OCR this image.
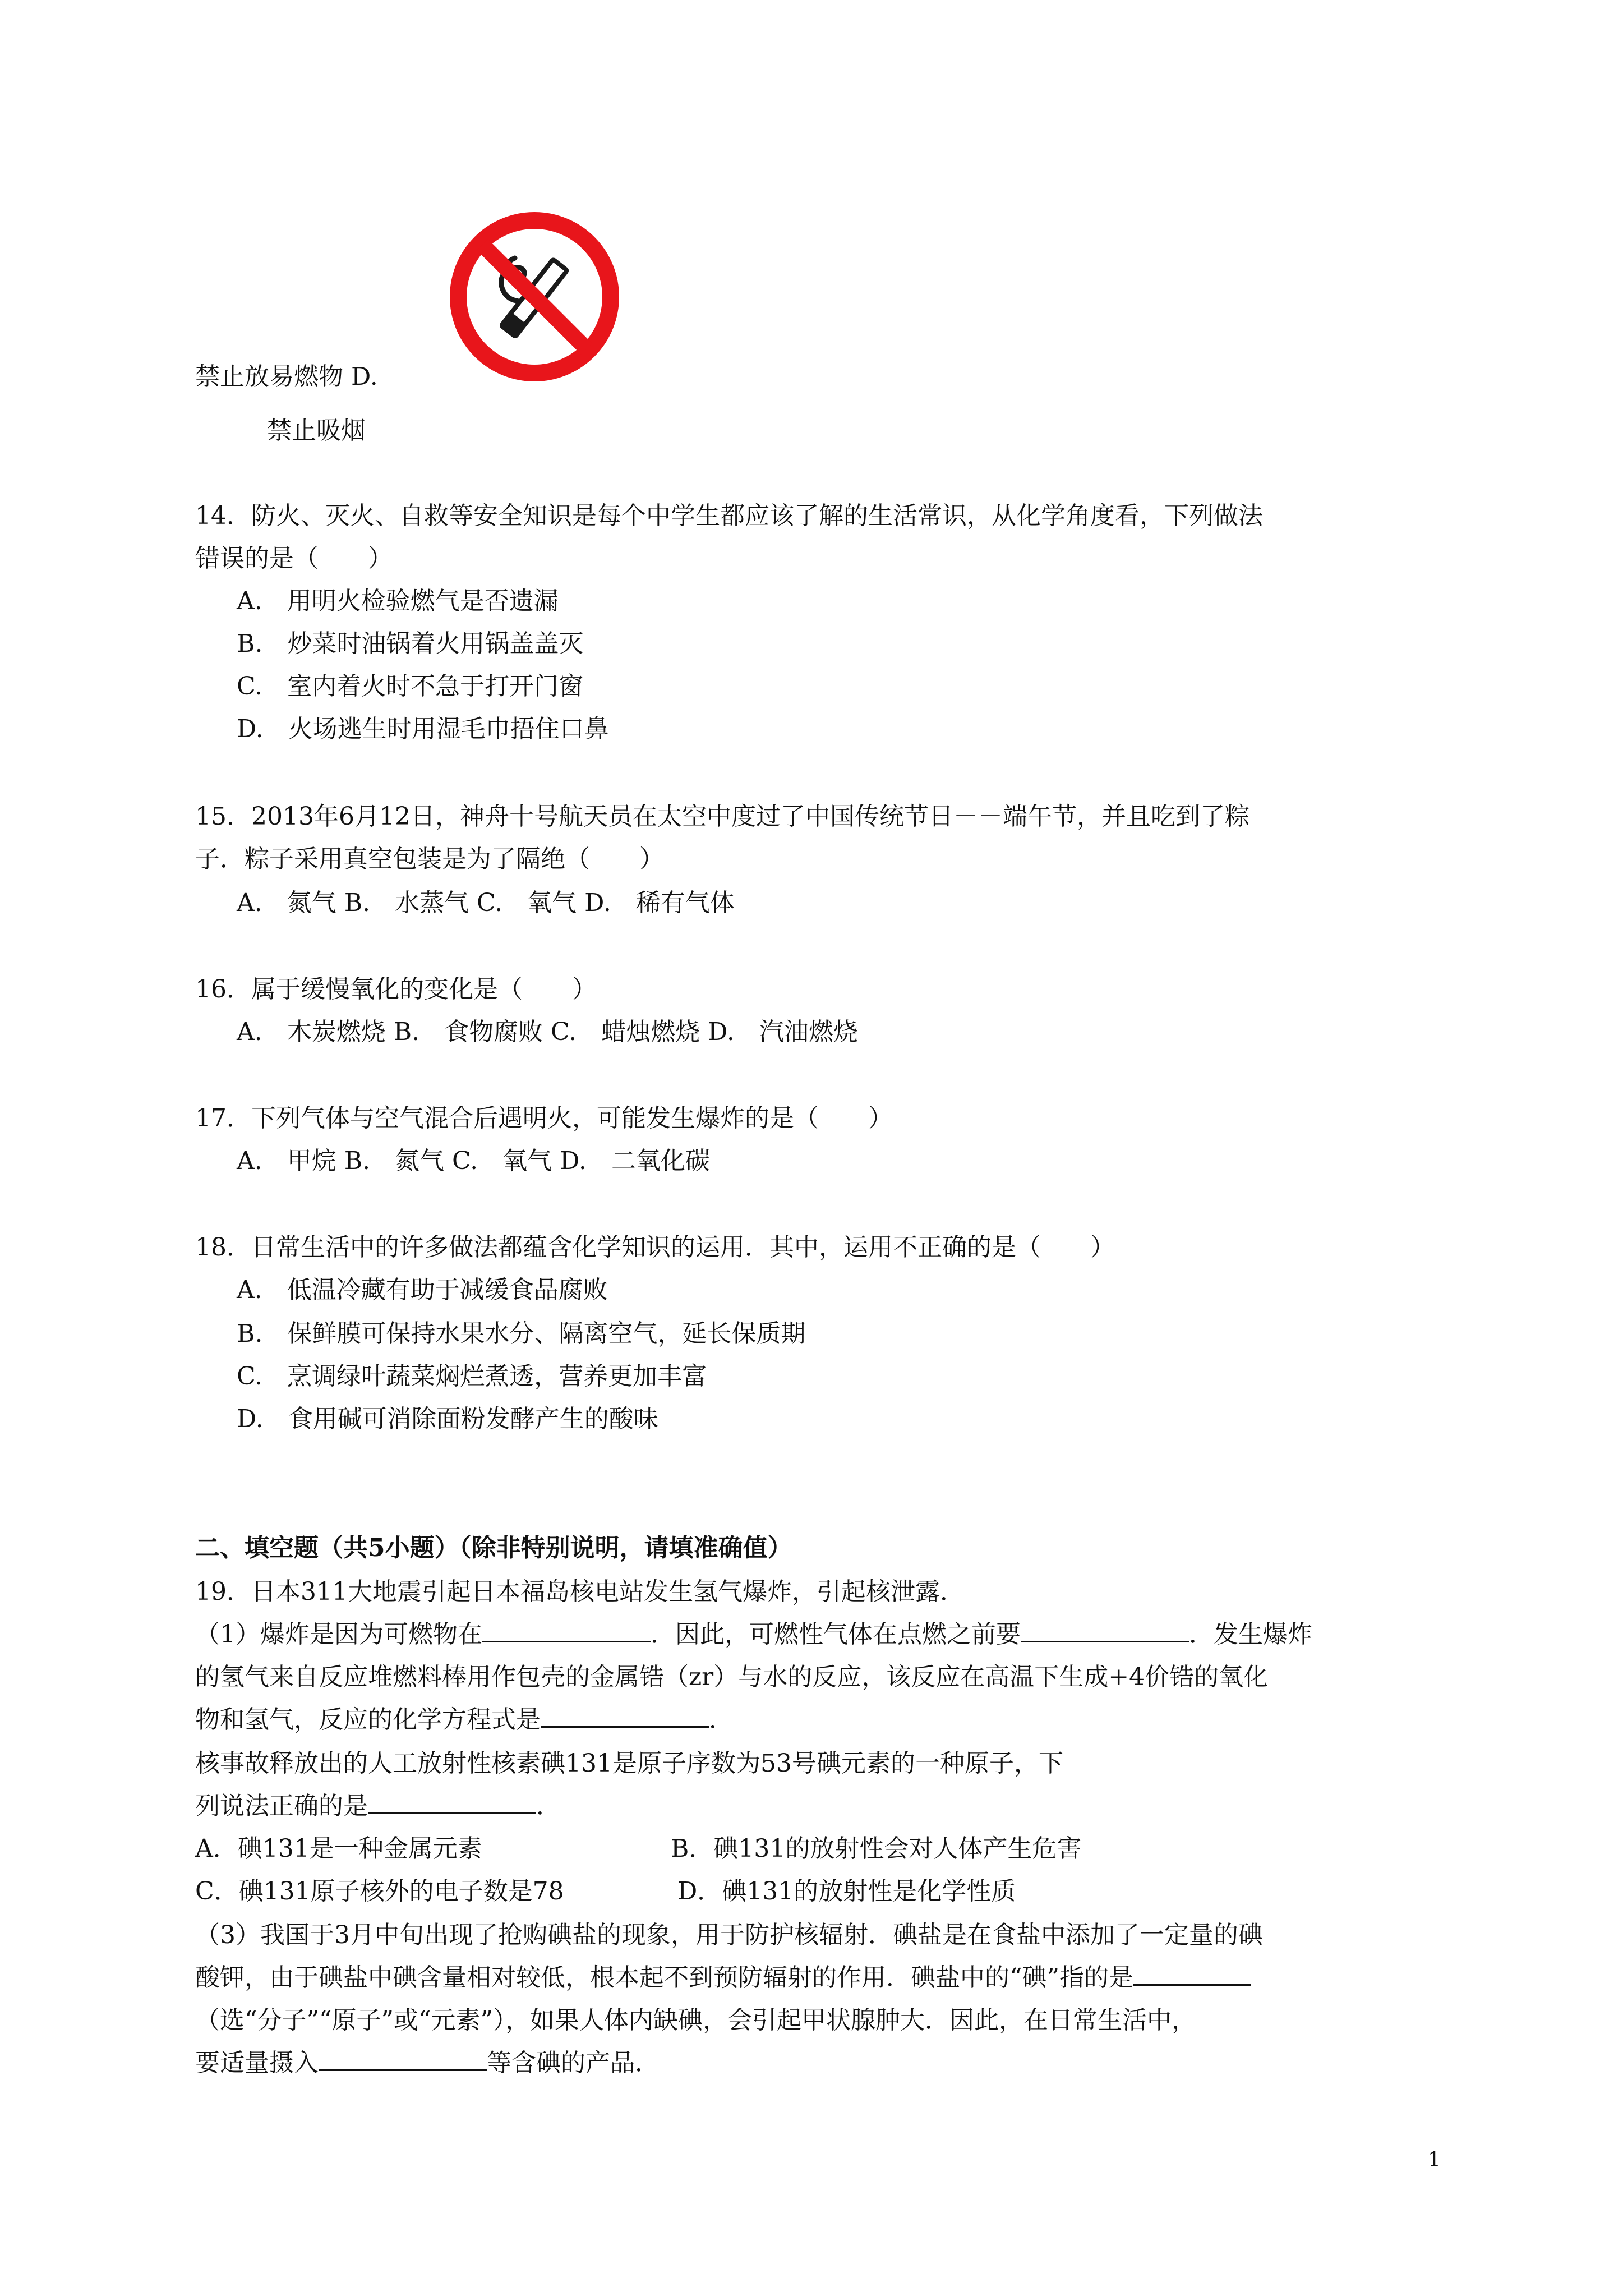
禁止放易燃物 D.
禁止吸烟
14．防火、灭火、自救等安全知识是每个中学生都应该了解的生活常识，从化学角度看，下列做法
错误的是（　　）
A.　用明火检验燃气是否遗漏
B.　炒菜时油锅着火用锅盖盖灭
C.　室内着火时不急于打开门窗
D.　火场逃生时用湿毛巾捂住口鼻
15．2013年6月12日，神舟十号航天员在太空中度过了中国传统节日－－端午节，并且吃到了粽
子．粽子采用真空包装是为了隔绝（　　）
A.　氮气 B.　水蒸气 C.　氧气 D.　稀有气体
16．属于缓慢氧化的变化是（　　）
A.　木炭燃烧 B.　食物腐败 C.　蜡烛燃烧 D.　汽油燃烧
17．下列气体与空气混合后遇明火，可能发生爆炸的是（　　）
A.　甲烷 B.　氮气 C.　氧气 D.　二氧化碳
18．日常生活中的许多做法都蕴含化学知识的运用．其中，运用不正确的是（　　）
A.　低温冷藏有助于减缓食品腐败
B.　保鲜膜可保持水果水分、隔离空气，延长保质期
C.　烹调绿叶蔬菜焖烂煮透，营养更加丰富
D.　食用碱可消除面粉发酵产生的酸味
二、填空题（共5小题）（除非特别说明，请填准确值）
19．日本311大地震引起日本福岛核电站发生氢气爆炸，引起核泄露．
（1）爆炸是因为可燃物在	．因此，可燃性气体在点燃之前要	．发生爆炸
的氢气来自反应堆燃料棒用作包壳的金属锆（zr）与水的反应，该反应在高温下生成+4价锆的氧化
物和氢气，反应的化学方程式是	．
核事故释放出的人工放射性核素碘131是原子序数为53号碘元素的一种原子，下
列说法正确的是	．
A．碘131是一种金属元素	B．碘131的放射性会对人体产生危害
C．碘131原子核外的电子数是78	D．碘131的放射性是化学性质
（3）我国于3月中旬出现了抢购碘盐的现象，用于防护核辐射．碘盐是在食盐中添加了一定量的碘
酸钾，由于碘盐中碘含量相对较低，根本起不到预防辐射的作用．碘盐中的“碘”指的是
（选“分子”“原子”或“元素”），如果人体内缺碘，会引起甲状腺肿大．因此，在日常生活中，
要适量摄入	等含碘的产品．
1
